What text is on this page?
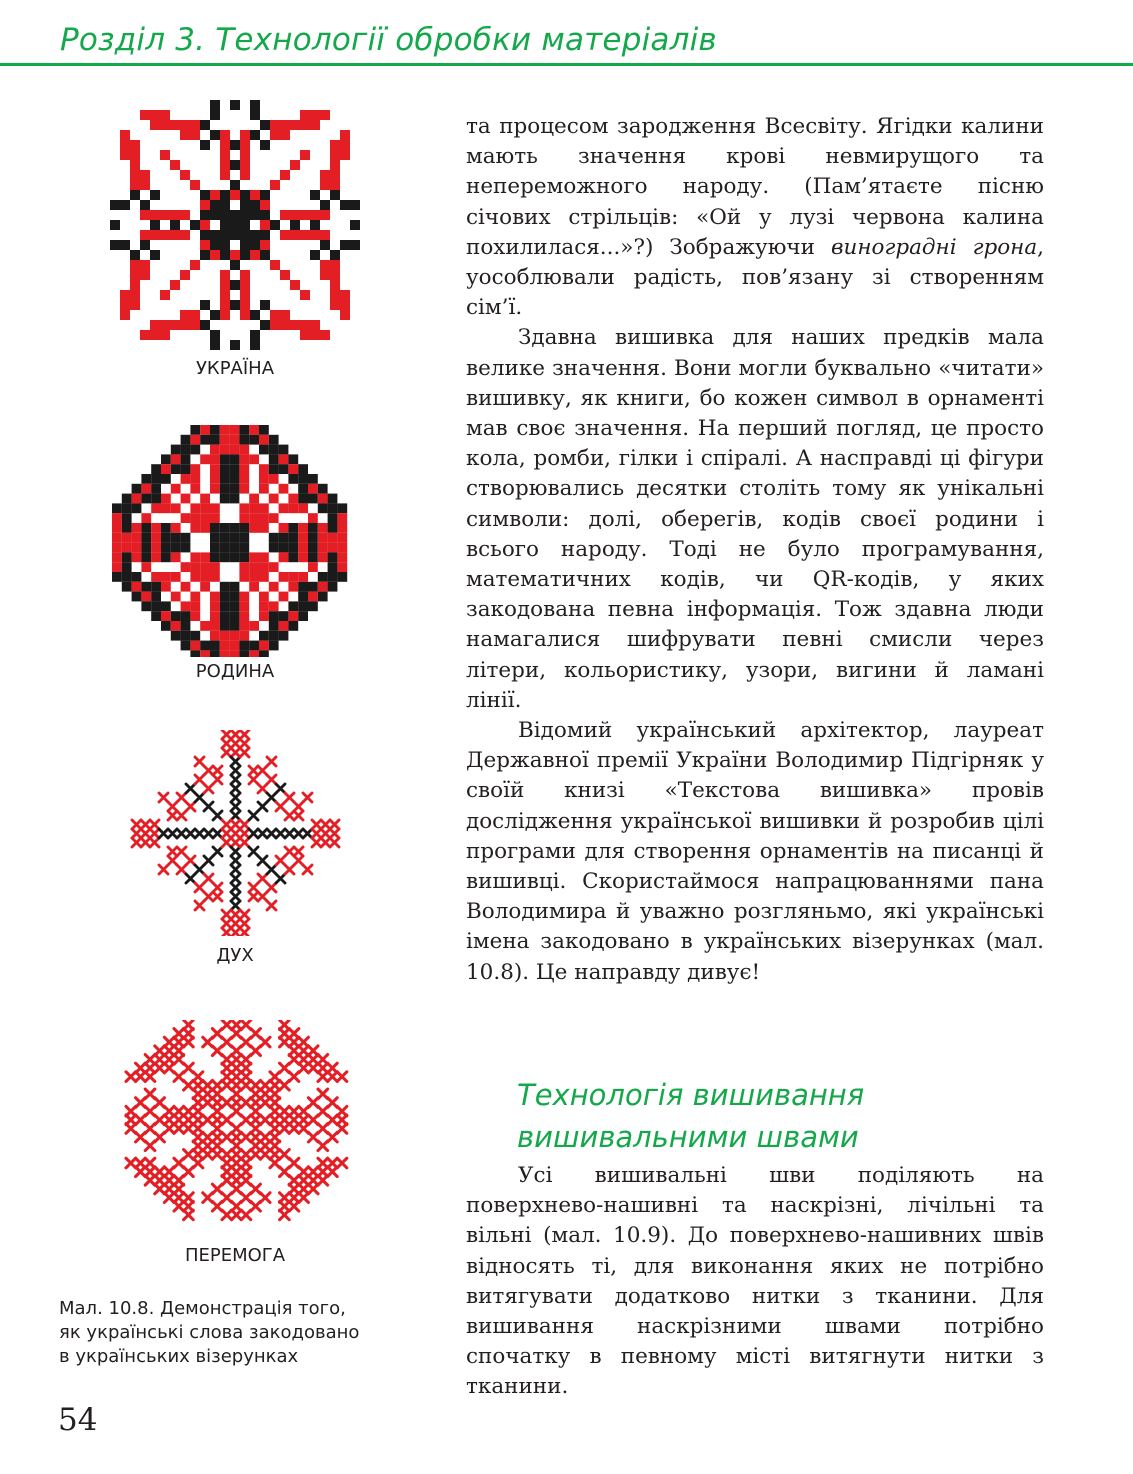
Розділ 3. Технології обробки матеріалів
УКРАЇНА
РОДИНА
ДУХ
ПЕРЕМОГА
Мал. 10.8. Демонстрація того,
як українські слова закодовано
в українських візерунках
54

та процесом зародження Всесвіту. Ягідки калини мають значення крові невмирущого та непереможного народу. (Пам’ятаєте пісню січових стрільців: «Ой у лузі червона калина похилилася...»?) Зображуючи виноградні грона, уособлювали радість, пов’язану зі створенням сім’ї.

Здавна вишивка для наших предків мала велике значення. Вони могли буквально «читати» вишивку, як книги, бо кожен символ в орнаменті мав своє значення. На перший погляд, це просто кола, ромби, гілки і спіралі. А насправді ці фігури створювались десятки століть тому як унікальні символи: долі, оберегів, кодів своєї родини і всього народу. Тоді не було програмування, математичних кодів, чи QR-кодів, у яких закодована певна інформація. Тож здавна люди намагалися шифрувати певні смисли через літери, кольористику, узори, вигини й ламані лінії.

Відомий український архітектор, лауреат Державної премії України Володимир Підгірняк у своїй книзі «Текстова вишивка» провів дослідження української вишивки й розробив цілі програми для створення орнаментів на писанці й вишивці. Скористаймося напрацюваннями пана Володимира й уважно розгляньмо, які українські імена закодовано в українських візерунках (мал. 10.8). Це направду дивує!

Технологія вишивання
вишивальними швами

Усі вишивальні шви поділяють на поверхнево-нашивні та наскрізні, лічільні та вільні (мал. 10.9). До поверхнево-нашивних швів відносять ті, для виконання яких не потрібно витягувати додатково нитки з тканини. Для вишивання наскрізними швами потрібно спочатку в певному місті витягнути нитки з тканини.
